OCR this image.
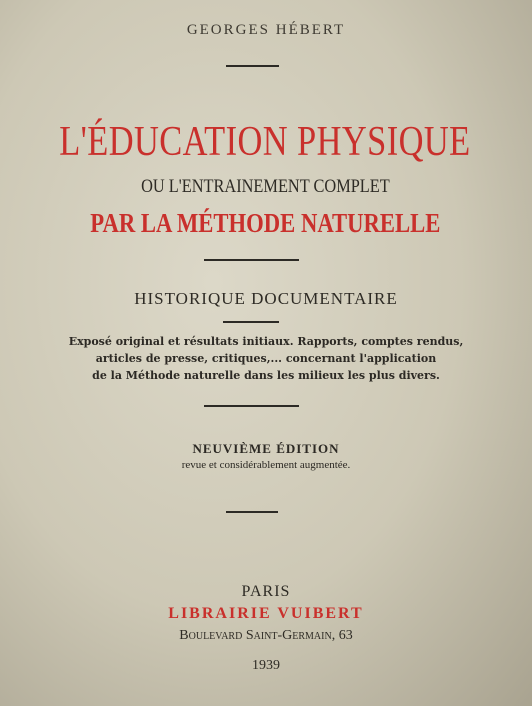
GEORGES HÉBERT
L'ÉDUCATION PHYSIQUE
OU L'ENTRAINEMENT COMPLET
PAR LA MÉTHODE NATURELLE
HISTORIQUE DOCUMENTAIRE
Exposé original et résultats initiaux. Rapports, comptes rendus,
articles de presse, critiques,... concernant l'application
de la Méthode naturelle dans les milieux les plus divers.
NEUVIÈME ÉDITION
revue et considérablement augmentée.
PARIS
LIBRAIRIE VUIBERT
Boulevard Saint-Germain, 63
1939
